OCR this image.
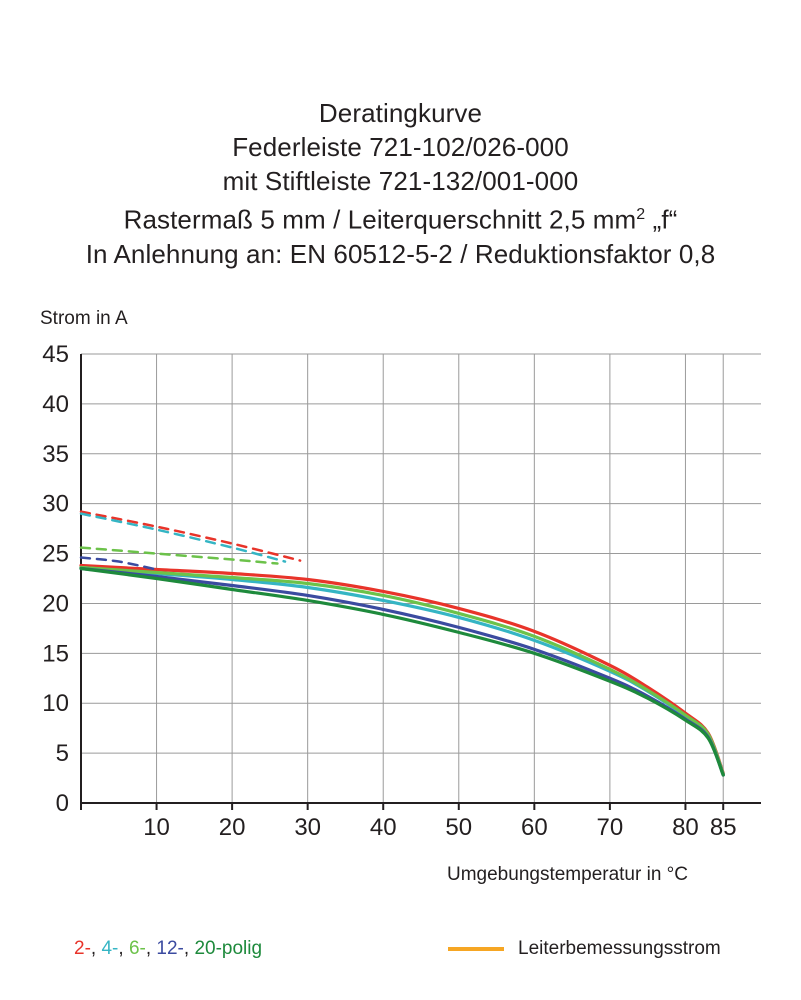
Deratingkurve
Federleiste 721-102/026-000
mit Stiftleiste 721-132/001-000
Rastermaß 5 mm / Leiterquerschnitt 2,5 $mm^2$ „f“
In Anlehnung an: EN 60512-5-2 / Reduktionsfaktor 0,8
Strom in A
Umgebungstemperatur in °C
0
5
10
15
20
25
30
35
40
45
10 20 30 40 50 60 70 80 85
2-, 4-, 6-, 12-, 20-polig	Leiterbemessungsstrom
